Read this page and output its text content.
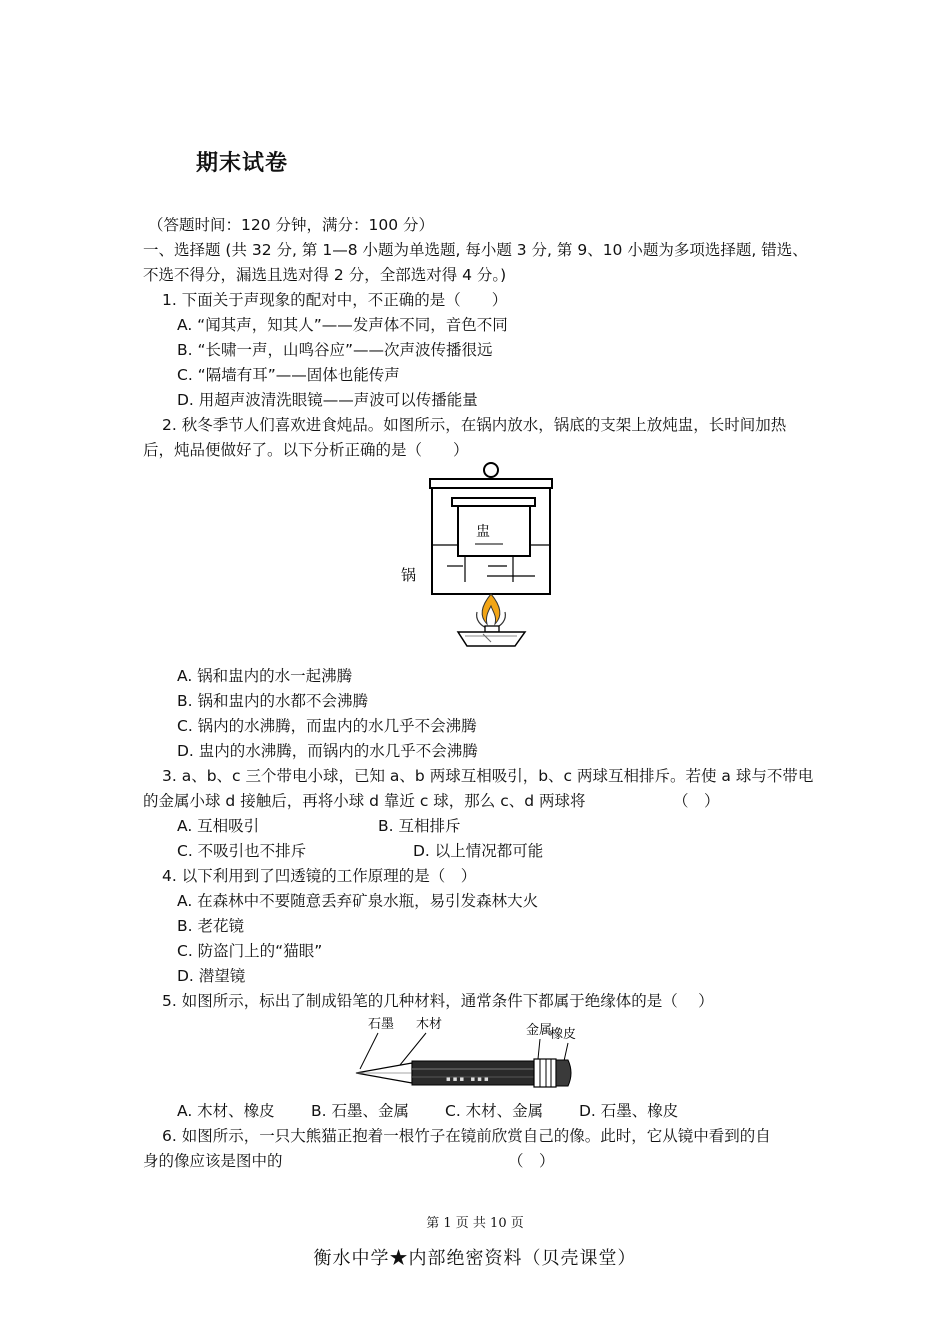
期末试卷
（答题时间：120 分钟，满分：100 分）
一、选择题 (共 32 分, 第 1—8 小题为单选题, 每小题 3 分, 第 9、10 小题为多项选择题, 错选、
不选不得分，漏选且选对得 2 分，全部选对得 4 分。)
1. 下面关于声现象的配对中，不正确的是（　　）
A. “闻其声，知其人”——发声体不同，音色不同
B. “长啸一声，山鸣谷应”——次声波传播很远
C. “隔墙有耳”——固体也能传声
D. 用超声波清洗眼镜——声波可以传播能量
2. 秋冬季节人们喜欢进食炖品。如图所示，在锅内放水，锅底的支架上放炖盅，长时间加热
后，炖品便做好了。以下分析正确的是（　　）
盅
锅
A. 锅和盅内的水一起沸腾
B. 锅和盅内的水都不会沸腾
C. 锅内的水沸腾，而盅内的水几乎不会沸腾
D. 盅内的水沸腾，而锅内的水几乎不会沸腾
3. a、b、c 三个带电小球，已知 a、b 两球互相吸引，b、c 两球互相排斥。若使 a 球与不带电
的金属小球 d 接触后，再将小球 d 靠近 c 球，那么 c、d 两球将	（　）
A. 互相吸引	B. 互相排斥
C. 不吸引也不排斥	D. 以上情况都可能
4. 以下利用到了凹透镜的工作原理的是（　）
A. 在森林中不要随意丢弃矿泉水瓶，易引发森林大火
B. 老花镜
C. 防盗门上的“猫眼”
D. 潜望镜
5. 如图所示，标出了制成铅笔的几种材料，通常条件下都属于绝缘体的是（　 ）
石墨 木材	金属
橡皮
▪▪▪ ▪▪▪
A. 木材、橡皮 B. 石墨、金属 C. 木材、金属 D. 石墨、橡皮
6. 如图所示，一只大熊猫正抱着一根竹子在镜前欣赏自己的像。此时，它从镜中看到的自
身的像应该是图中的	（　）
第 1 页 共 10 页
衡水中学★内部绝密资料（贝壳课堂）
